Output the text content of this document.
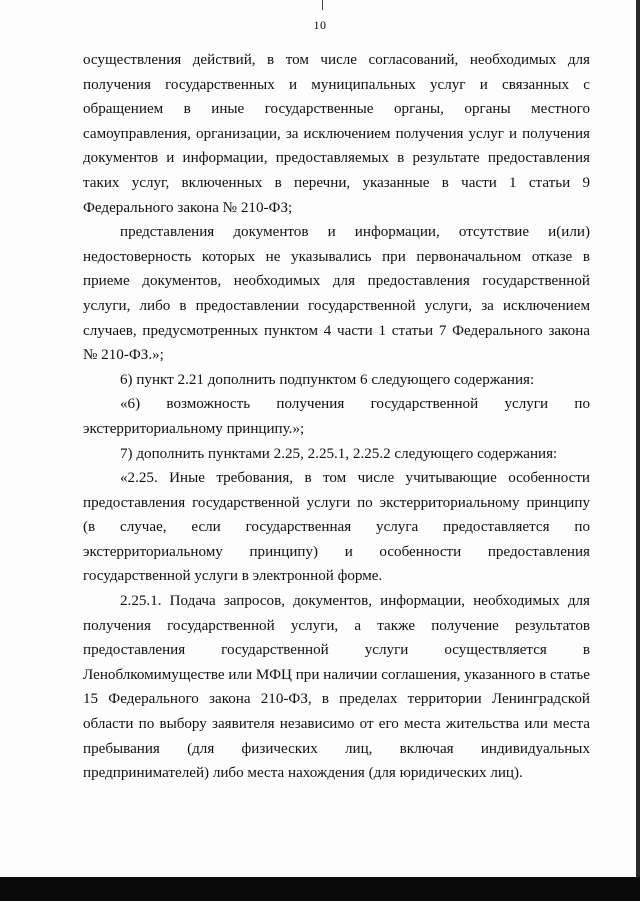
10

осуществления действий, в том числе согласований, необходимых для получения государственных и муниципальных услуг и связанных с обращением в иные государственные органы, органы местного самоуправления, организации, за исключением получения услуг и получения документов и информации, предоставляемых в результате предоставления таких услуг, включенных в перечни, указанные в части 1 статьи 9 Федерального закона № 210-ФЗ;

представления документов и информации, отсутствие и(или) недостоверность которых не указывались при первоначальном отказе в приеме документов, необходимых для предоставления государственной услуги, либо в предоставлении государственной услуги, за исключением случаев, предусмотренных пунктом 4 части 1 статьи 7 Федерального закона № 210-ФЗ.»;

6) пункт 2.21 дополнить подпунктом 6 следующего содержания:

«6) возможность получения государственной услуги по экстерриториальному принципу.»;

7) дополнить пунктами 2.25, 2.25.1, 2.25.2 следующего содержания:

«2.25. Иные требования, в том числе учитывающие особенности предоставления государственной услуги по экстерриториальному принципу (в случае, если государственная услуга предоставляется по экстерриториальному принципу) и особенности предоставления государственной услуги в электронной форме.

2.25.1. Подача запросов, документов, информации, необходимых для получения государственной услуги, а также получение результатов предоставления государственной услуги осуществляется в Леноблкомимуществе или МФЦ при наличии соглашения, указанного в статье 15 Федерального закона 210-ФЗ, в пределах территории Ленинградской области по выбору заявителя независимо от его места жительства или места пребывания (для физических лиц, включая индивидуальных предпринимателей) либо места нахождения (для юридических лиц).
